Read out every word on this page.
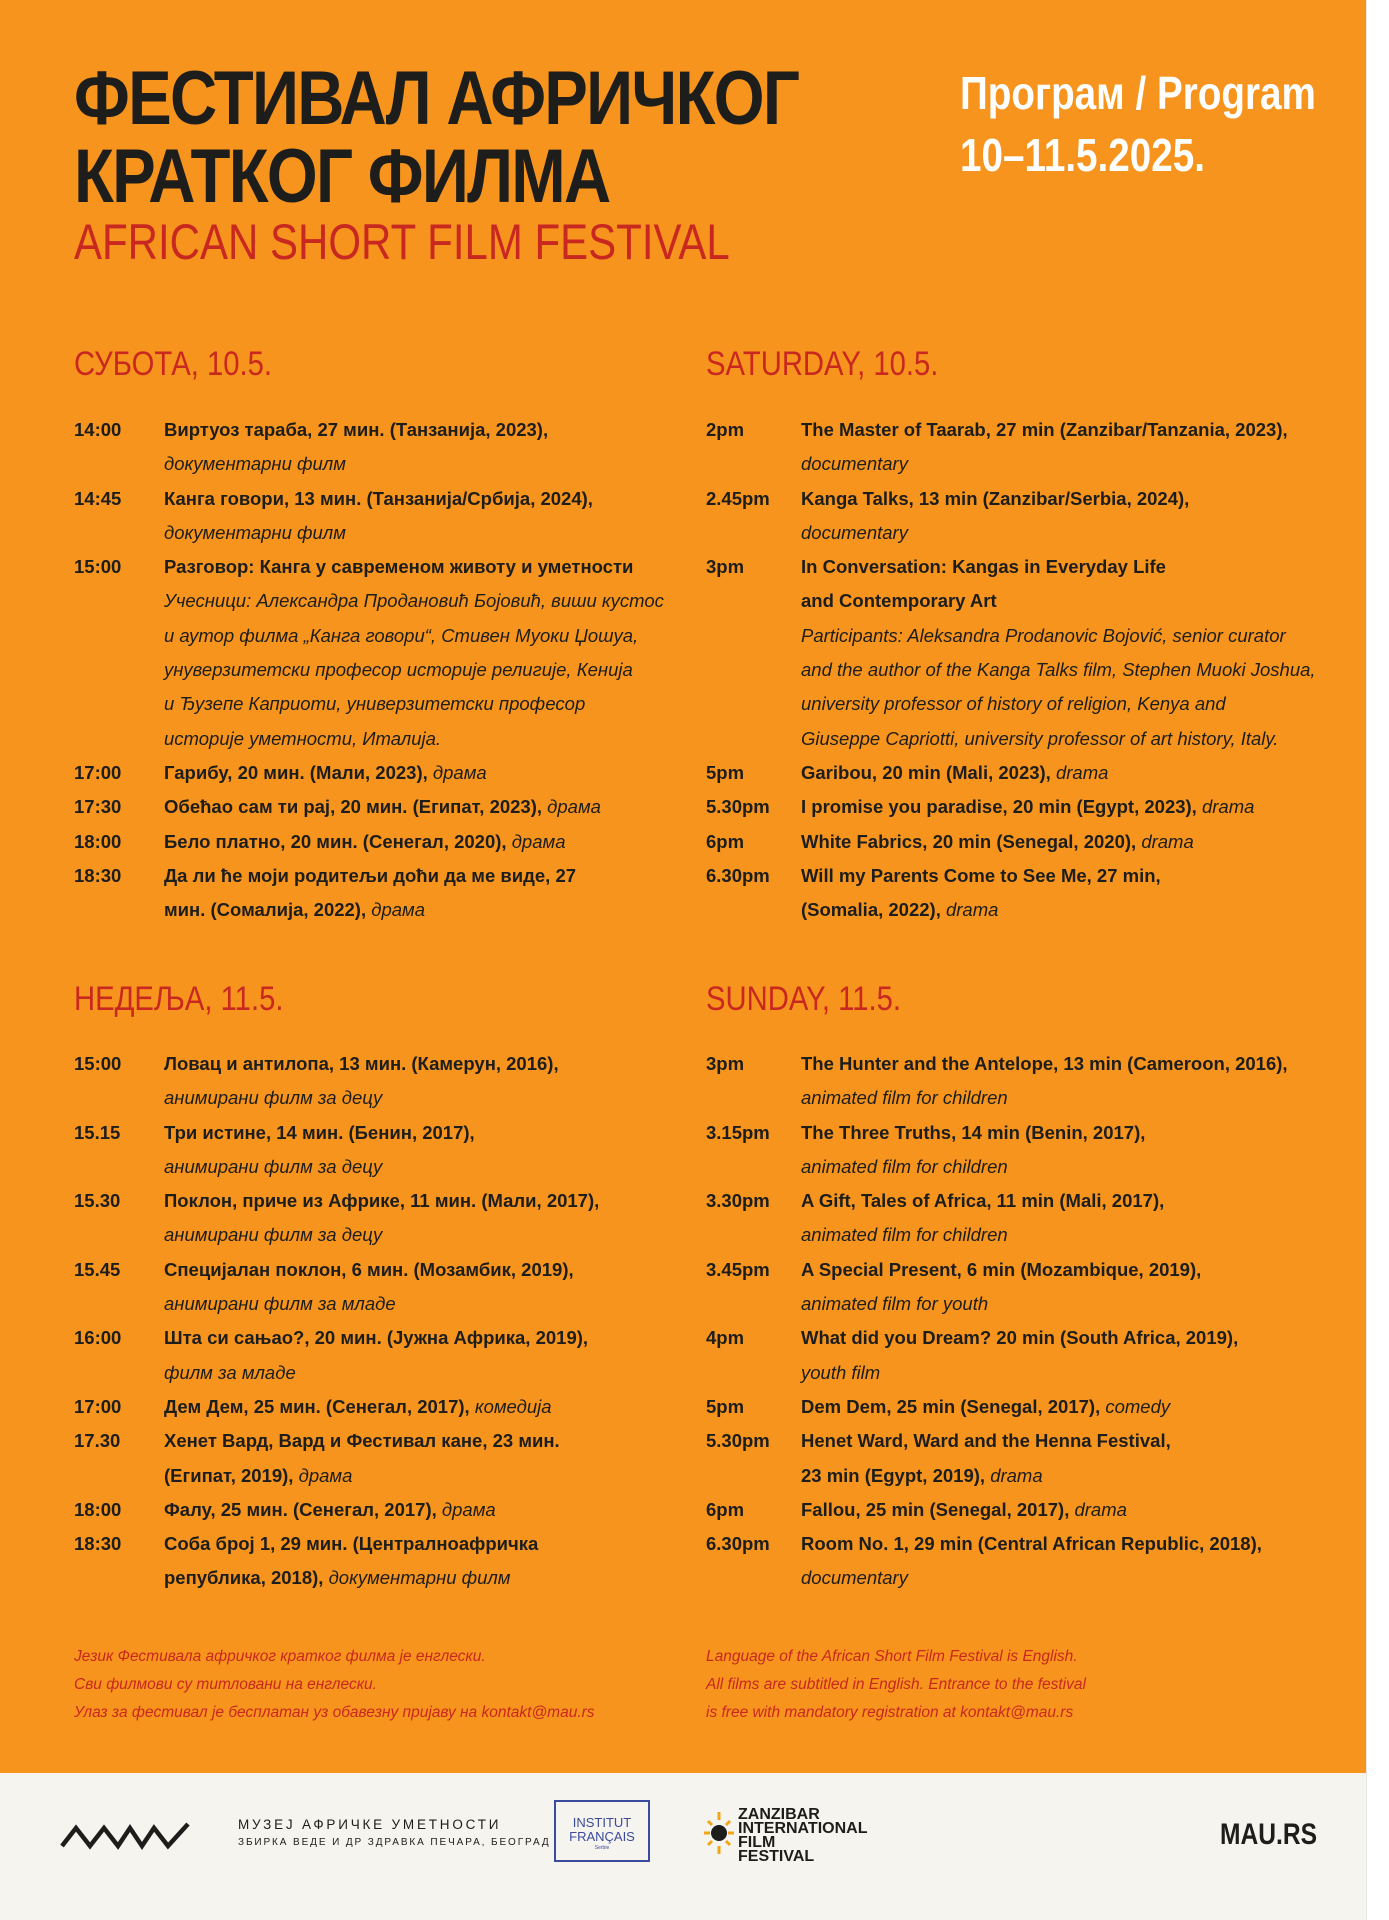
ФЕСТИВАЛ АФРИЧКОГ
КРАТКОГ ФИЛМА
AFRICAN SHORT FILM FESTIVAL
Програм / Program
10–11.5.2025.
СУБОТА, 10.5.
14:00 Виртуоз тараба, 27 мин. (Танзанија, 2023),
документарни филм
14:45 Канга говори, 13 мин. (Танзанија/Србија, 2024),
документарни филм
15:00 Разговор: Канга у савременом животу и уметности
Учесници: Александра Продановић Бојовић, виши кустос
и аутор филма „Канга говори“, Стивен Муоки Џошуа,
унуверзитетски професор историје религије, Кенија
и Ђузепе Каприоти, универзитетски професор
историје уметности, Италија.
17:00 Гарибу, 20 мин. (Мали, 2023), драма
17:30 Обећао сам ти рај, 20 мин. (Египат, 2023), драма
18:00 Бело платно, 20 мин. (Сенегал, 2020), драма
18:30 Да ли ће моји родитељи доћи да ме виде, 27 мин. (Сомалија, 2022), драма
SATURDAY, 10.5.
2pm	The Master of Taarab, 27 min (Zanzibar/Tanzania, 2023),
documentary
2.45pm Kanga Talks, 13 min (Zanzibar/Serbia, 2024),
documentary
3pm	In Conversation: Kangas in Everyday Life
and Contemporary Art
Participants: Aleksandra Prodanovic Bojović, senior curator
and the author of the Kanga Talks film, Stephen Muoki Joshua,
university professor of history of religion, Kenya and
Giuseppe Capriotti, university professor of art history, Italy.
5pm	Garibou, 20 min (Mali, 2023), drama
5.30pm I promise you paradise, 20 min (Egypt, 2023), drama
6pm	White Fabrics, 20 min (Senegal, 2020), drama
6.30pm Will my Parents Come to See Me, 27 min,
(Somalia, 2022), drama
НЕДЕЉА, 11.5.
15:00 Ловац и антилопа, 13 мин. (Камерун, 2016),
анимирани филм за децу
15.15 Три истине, 14 мин. (Бенин, 2017),
анимирани филм за децу
15.30 Поклон, приче из Африке, 11 мин. (Мали, 2017),
анимирани филм за децу
15.45 Специјалан поклон, 6 мин. (Мозамбик, 2019),
анимирани филм за младе
16:00 Шта си сањао?, 20 мин. (Јужна Африка, 2019),
филм за младе
17:00 Дем Дем, 25 мин. (Сенегал, 2017), комедија
17.30 Хенет Вард, Вард и Фестивал кане, 23 мин. (Египат, 2019), драма
18:00 Фалу, 25 мин. (Сенегал, 2017), драма
18:30 Соба број 1, 29 мин. (Централноафричка република, 2018), документарни филм
SUNDAY, 11.5.
3pm	The Hunter and the Antelope, 13 min (Cameroon, 2016),
animated film for children
3.15pm The Three Truths, 14 min (Benin, 2017),
animated film for children
3.30pm A Gift, Tales of Africa, 11 min (Mali, 2017),
animated film for children
3.45pm A Special Present, 6 min (Mozambique, 2019),
animated film for youth
4pm	What did you Dream? 20 min (South Africa, 2019),
youth film
5pm	Dem Dem, 25 min (Senegal, 2017), comedy
5.30pm Henet Ward, Ward and the Henna Festival,
23 min (Egypt, 2019), drama
6pm	Fallou, 25 min (Senegal, 2017), drama
6.30pm Room No. 1, 29 min (Central African Republic, 2018),
documentary
Језик Фестивала афричког кратког филма је енглески.
Сви филмови су титловани на енглески.
Улаз за фестивал је бесплатан уз обавезну пријаву на kontakt@mau.rs
Language of the African Short Film Festival is English.
All films are subtitled in English. Entrance to the festival
is free with mandatory registration at kontakt@mau.rs
МУЗЕЈ АФРИЧКЕ УМЕТНОСТИ
ЗБИРКА ВЕДЕ И ДР ЗДРАВКА ПЕЧАРА, БЕОГРАД
INSTITUT
FRANÇAIS
Serbie
ZANZIBAR
INTERNATIONAL
FILM
FESTIVAL
MAU.RS
